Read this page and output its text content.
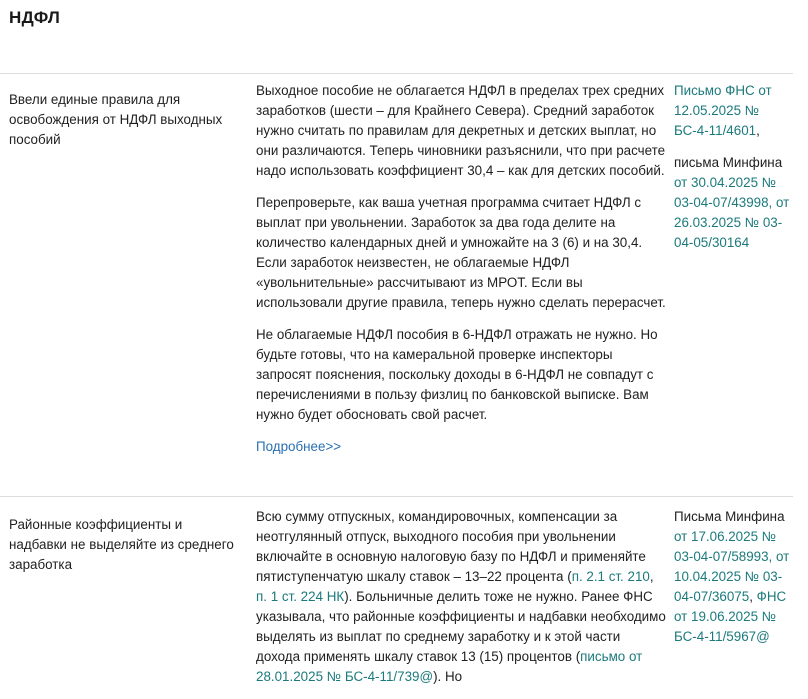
НДФЛ
Ввели единые правила для освобождения от НДФЛ выходных пособий

Выходное пособие не облагается НДФЛ в пределах трех средних заработков (шести – для Крайнего Севера). Средний заработок нужно считать по правилам для декретных и детских выплат, но они различаются. Теперь чиновники разъяснили, что при расчете надо использовать коэффициент 30,4 – как для детских пособий.

Перепроверьте, как ваша учетная программа считает НДФЛ с выплат при увольнении. Заработок за два года делите на количество календарных дней и умножайте на 3 (6) и на 30,4. Если заработок неизвестен, не облагаемые НДФЛ «увольнительные» рассчитывают из МРОТ. Если вы использовали другие правила, теперь нужно сделать перерасчет.

Не облагаемые НДФЛ пособия в 6-НДФЛ отражать не нужно. Но будьте готовы, что на камеральной проверке инспекторы запросят пояснения, поскольку доходы в 6-НДФЛ не совпадут с перечислениями в пользу физлиц по банковской выписке. Вам нужно будет обосновать свой расчет.

Подробнее>>

Письмо ФНС от 12.05.2025 № БС-4-11/4601,

письма Минфина от 30.04.2025 № 03-04-07/43998, от 26.03.2025 № 03-04-05/30164

Районные коэффициенты и надбавки не выделяйте из среднего заработка

Всю сумму отпускных, командировочных, компенсации за неотгулянный отпуск, выходного пособия при увольнении включайте в основную налоговую базу по НДФЛ и применяйте пятиступенчатую шкалу ставок – 13–22 процента (п. 2.1 ст. 210, п. 1 ст. 224 НК). Больничные делить тоже не нужно. Ранее ФНС указывала, что районные коэффициенты и надбавки необходимо выделять из выплат по среднему заработку и к этой части дохода применять шкалу ставок 13 (15) процентов (письмо от 28.01.2025 № БС-4-11/739@). Но

Письма Минфина от 17.06.2025 № 03-04-07/58993, от 10.04.2025 № 03-04-07/36075, ФНС от 19.06.2025 № БС-4-11/5967@
